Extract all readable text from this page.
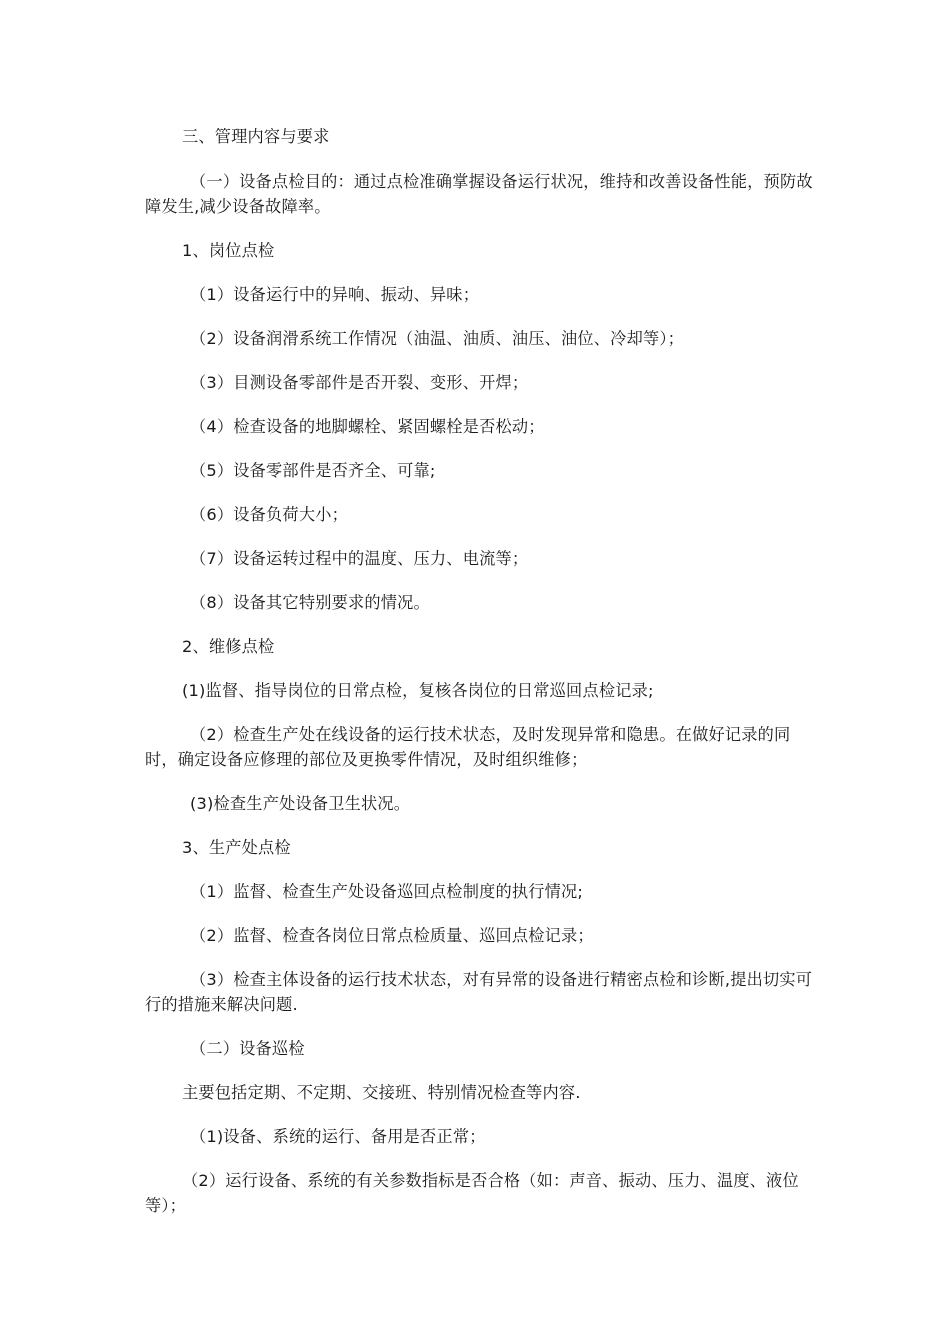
三、管理内容与要求

（一）设备点检目的：通过点检准确掌握设备运行状况，维持和改善设备性能，预防故障发生,减少设备故障率。

1、岗位点检

（1）设备运行中的异响、振动、异味；

（2）设备润滑系统工作情况（油温、油质、油压、油位、冷却等）；

（3）目测设备零部件是否开裂、变形、开焊；

（4）检查设备的地脚螺栓、紧固螺栓是否松动；

（5）设备零部件是否齐全、可靠;

（6）设备负荷大小；

（7）设备运转过程中的温度、压力、电流等；

（8）设备其它特别要求的情况。

2、维修点检

(1)监督、指导岗位的日常点检，复核各岗位的日常巡回点检记录;

（2）检查生产处在线设备的运行技术状态，及时发现异常和隐患。在做好记录的同时，确定设备应修理的部位及更换零件情况，及时组织维修；

(3)检查生产处设备卫生状况。

3、生产处点检

（1）监督、检查生产处设备巡回点检制度的执行情况;

（2）监督、检查各岗位日常点检质量、巡回点检记录；

（3）检查主体设备的运行技术状态，对有异常的设备进行精密点检和诊断,提出切实可行的措施来解决问题.

（二）设备巡检

主要包括定期、不定期、交接班、特别情况检查等内容.

（1)设备、系统的运行、备用是否正常；

（2）运行设备、系统的有关参数指标是否合格（如：声音、振动、压力、温度、液位等）；
